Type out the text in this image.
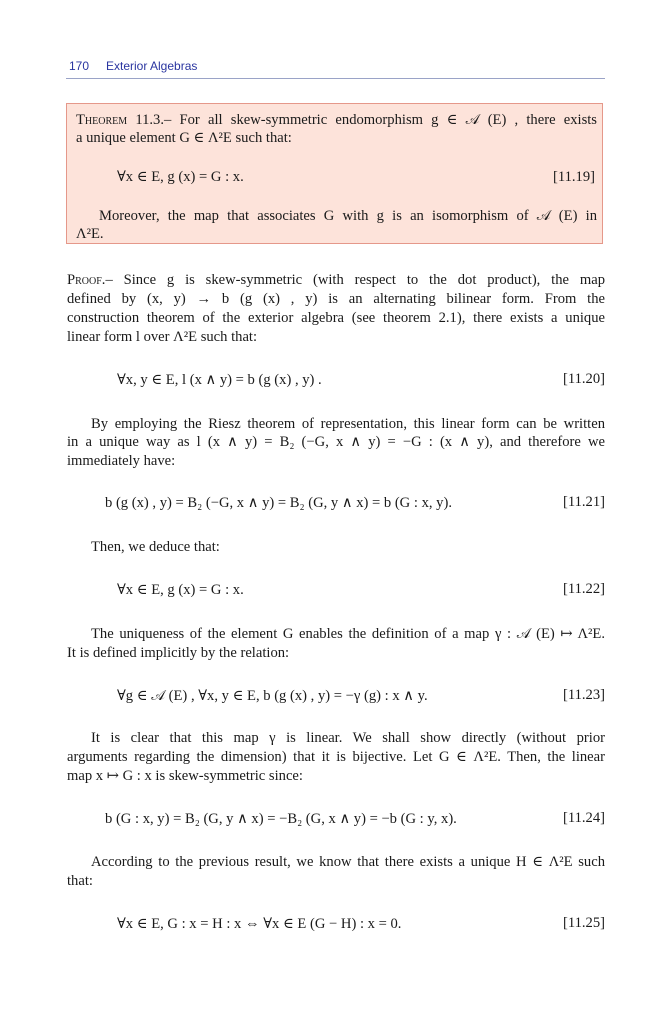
170 Exterior Algebras
Theorem 11.3.– For all skew-symmetric endomorphism g ∈ 𝒜 (E) , there exists
a unique element G ∈ Λ²E such that:
∀x ∈ E, g (x) = G : x.	[11.19]
Moreover, the map that associates G with g is an isomorphism of 𝒜 (E) in
Λ²E.
Proof.– Since g is skew-symmetric (with respect to the dot product), the map
defined by (x, y) → b (g (x) , y) is an alternating bilinear form. From the
construction theorem of the exterior algebra (see theorem 2.1), there exists a unique
linear form l over Λ²E such that:
∀x, y ∈ E, l (x ∧ y) = b (g (x) , y) .	[11.20]
By employing the Riesz theorem of representation, this linear form can be written
in a unique way as l (x ∧ y) = B₂ (−G, x ∧ y) = −G : (x ∧ y), and therefore we
immediately have:
b (g (x) , y) = B₂ (−G, x ∧ y) = B₂ (G, y ∧ x) = b (G : x, y).	[11.21]
Then, we deduce that:
∀x ∈ E, g (x) = G : x.	[11.22]
The uniqueness of the element G enables the definition of a map γ : 𝒜 (E) ↦ Λ²E.
It is defined implicitly by the relation:
∀g ∈ 𝒜 (E) , ∀x, y ∈ E, b (g (x) , y) = −γ (g) : x ∧ y.	[11.23]
It is clear that this map γ is linear. We shall show directly (without prior
arguments regarding the dimension) that it is bijective. Let G ∈ Λ²E. Then, the linear
map x ↦ G : x is skew-symmetric since:
b (G : x, y) = B₂ (G, y ∧ x) = −B₂ (G, x ∧ y) = −b (G : y, x).	[11.24]
According to the previous result, we know that there exists a unique H ∈ Λ²E such
that:
∀x ∈ E, G : x = H : x ⇔ ∀x ∈ E (G − H) : x = 0.	[11.25]
